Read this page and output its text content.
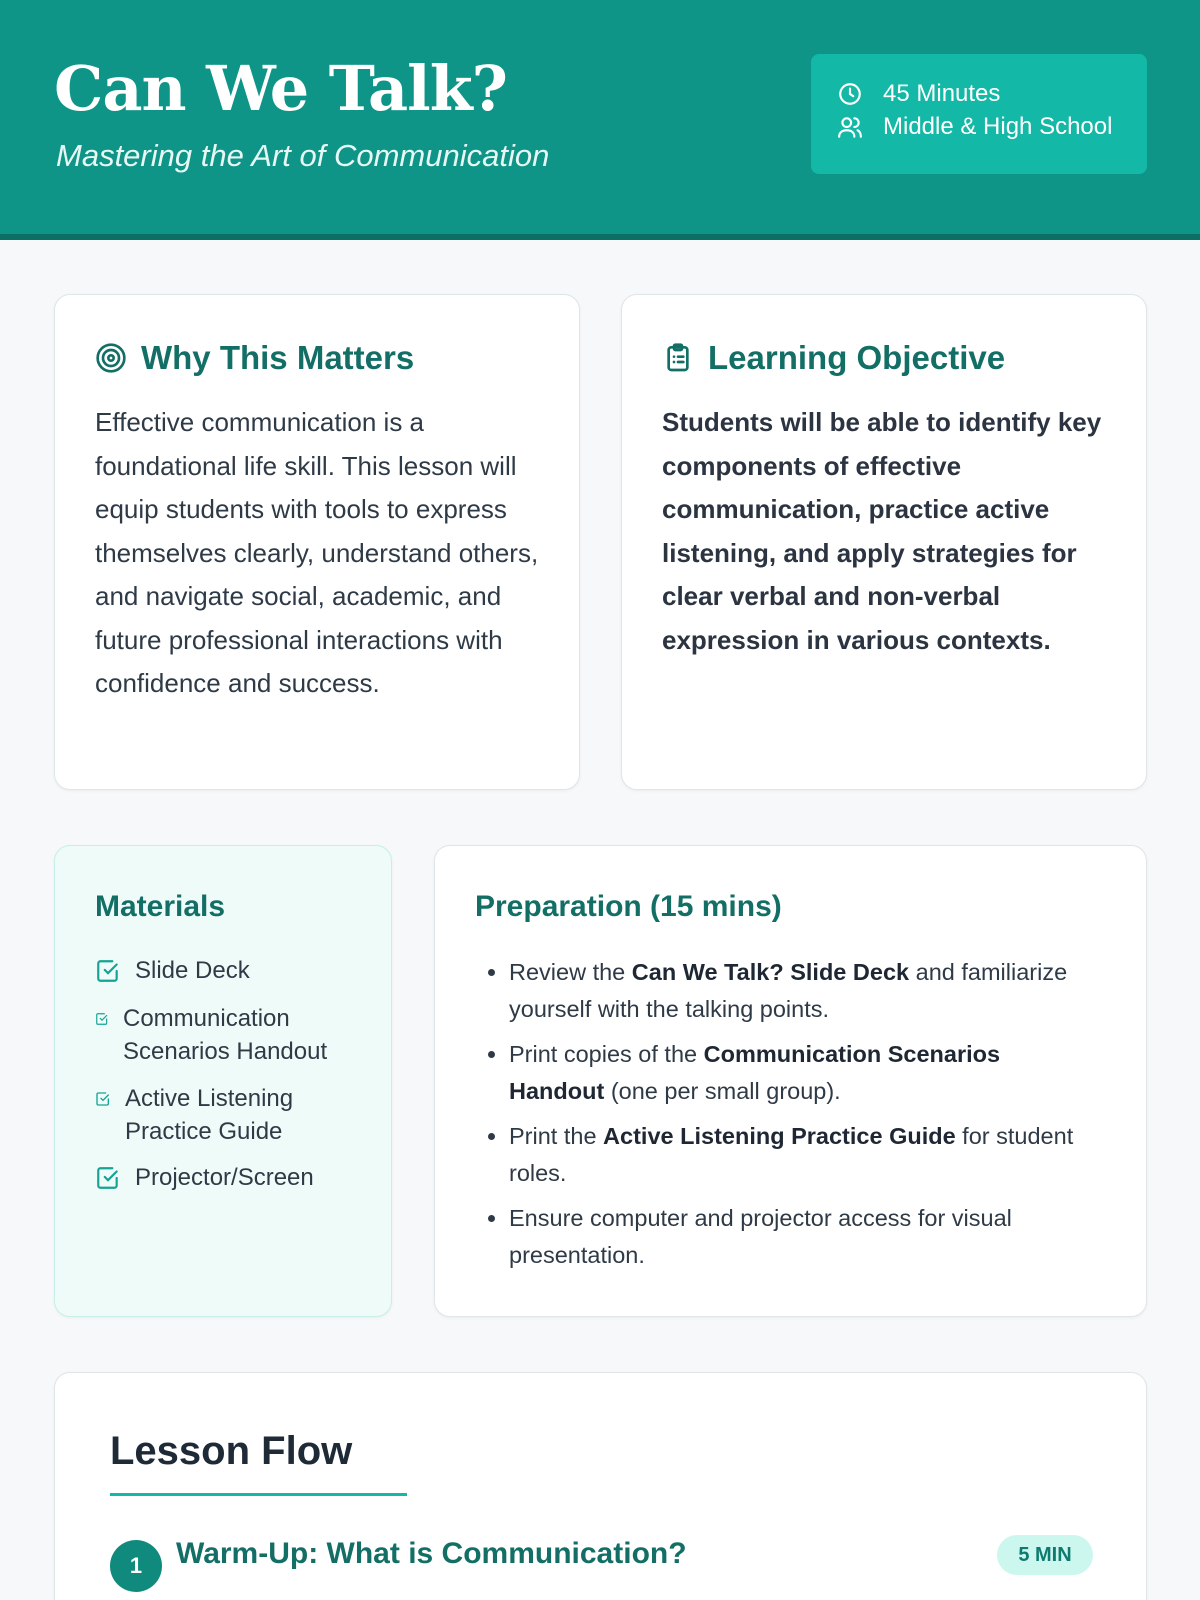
Can We Talk?
Mastering the Art of Communication
45 Minutes
Middle & High School
Why This Matters
Effective communication is a foundational life skill. This lesson will equip students with tools to express themselves clearly, understand others, and navigate social, academic, and future professional interactions with confidence and success.
Learning Objective
Students will be able to identify key components of effective communication, practice active listening, and apply strategies for clear verbal and non-verbal expression in various contexts.
Materials
Slide Deck
Communication Scenarios Handout
Active Listening Practice Guide
Projector/Screen
Preparation (15 mins)
• Review the Can We Talk? Slide Deck and familiarize yourself with the talking points.
• Print copies of the Communication Scenarios Handout (one per small group).
• Print the Active Listening Practice Guide for student roles.
• Ensure computer and projector access for visual presentation.
Lesson Flow
1	Warm-Up: What is Communication?	5 MIN
